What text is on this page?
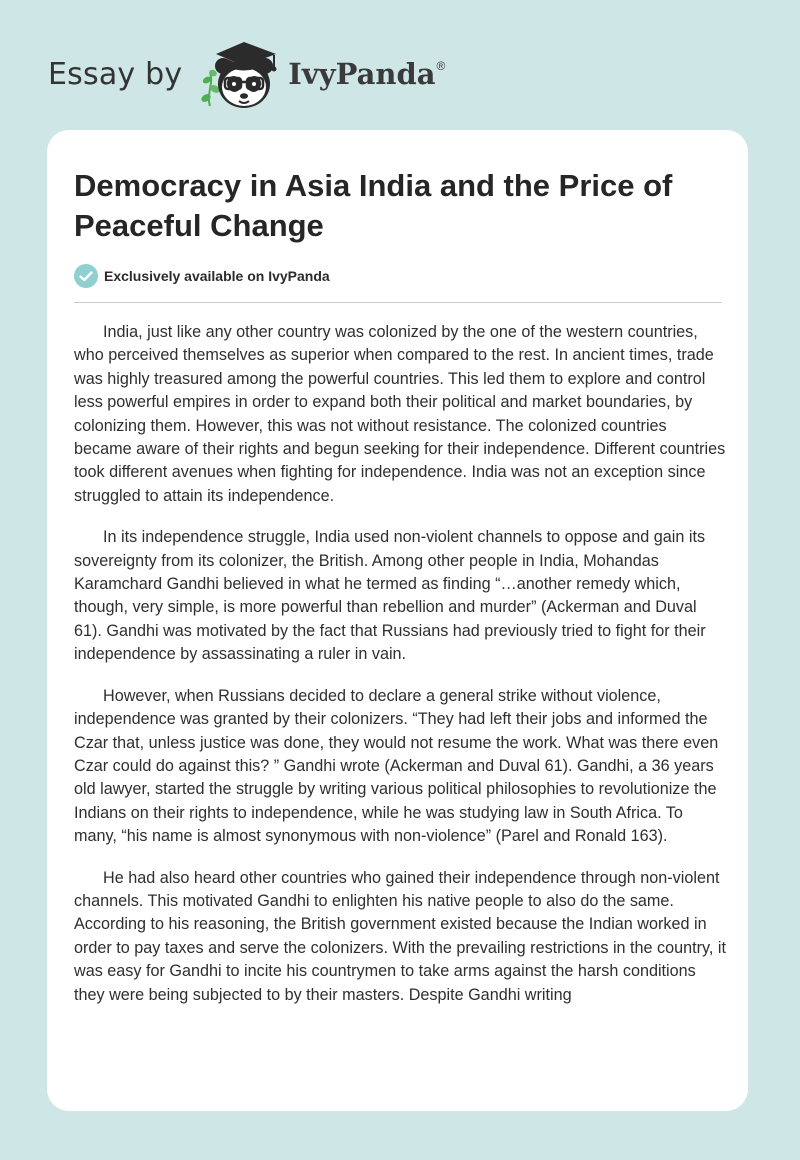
Essay by	IvyPanda ®
Democracy in Asia India and the Price of Peaceful Change
Exclusively available on IvyPanda

India, just like any other country was colonized by the one of the western countries, who perceived themselves as superior when compared to the rest. In ancient times, trade was highly treasured among the powerful countries. This led them to explore and control less powerful empires in order to expand both their political and market boundaries, by colonizing them. However, this was not without resistance. The colonized countries became aware of their rights and begun seeking for their independence. Different countries took different avenues when fighting for independence. India was not an exception since struggled to attain its independence.

In its independence struggle, India used non-violent channels to oppose and gain its sovereignty from its colonizer, the British. Among other people in India, Mohandas Karamchard Gandhi believed in what he termed as finding “…another remedy which, though, very simple, is more powerful than rebellion and murder” (Ackerman and Duval 61). Gandhi was motivated by the fact that Russians had previously tried to fight for their independence by assassinating a ruler in vain.

However, when Russians decided to declare a general strike without violence, independence was granted by their colonizers. “They had left their jobs and informed the Czar that, unless justice was done, they would not resume the work. What was there even Czar could do against this? ” Gandhi wrote (Ackerman and Duval 61). Gandhi, a 36 years old lawyer, started the struggle by writing various political philosophies to revolutionize the Indians on their rights to independence, while he was studying law in South Africa. To many, “his name is almost synonymous with non-violence” (Parel and Ronald 163).

He had also heard other countries who gained their independence through non-violent channels. This motivated Gandhi to enlighten his native people to also do the same. According to his reasoning, the British government existed because the Indian worked in order to pay taxes and serve the colonizers. With the prevailing restrictions in the country, it was easy for Gandhi to incite his countrymen to take arms against the harsh conditions they were being subjected to by their masters. Despite Gandhi writing
